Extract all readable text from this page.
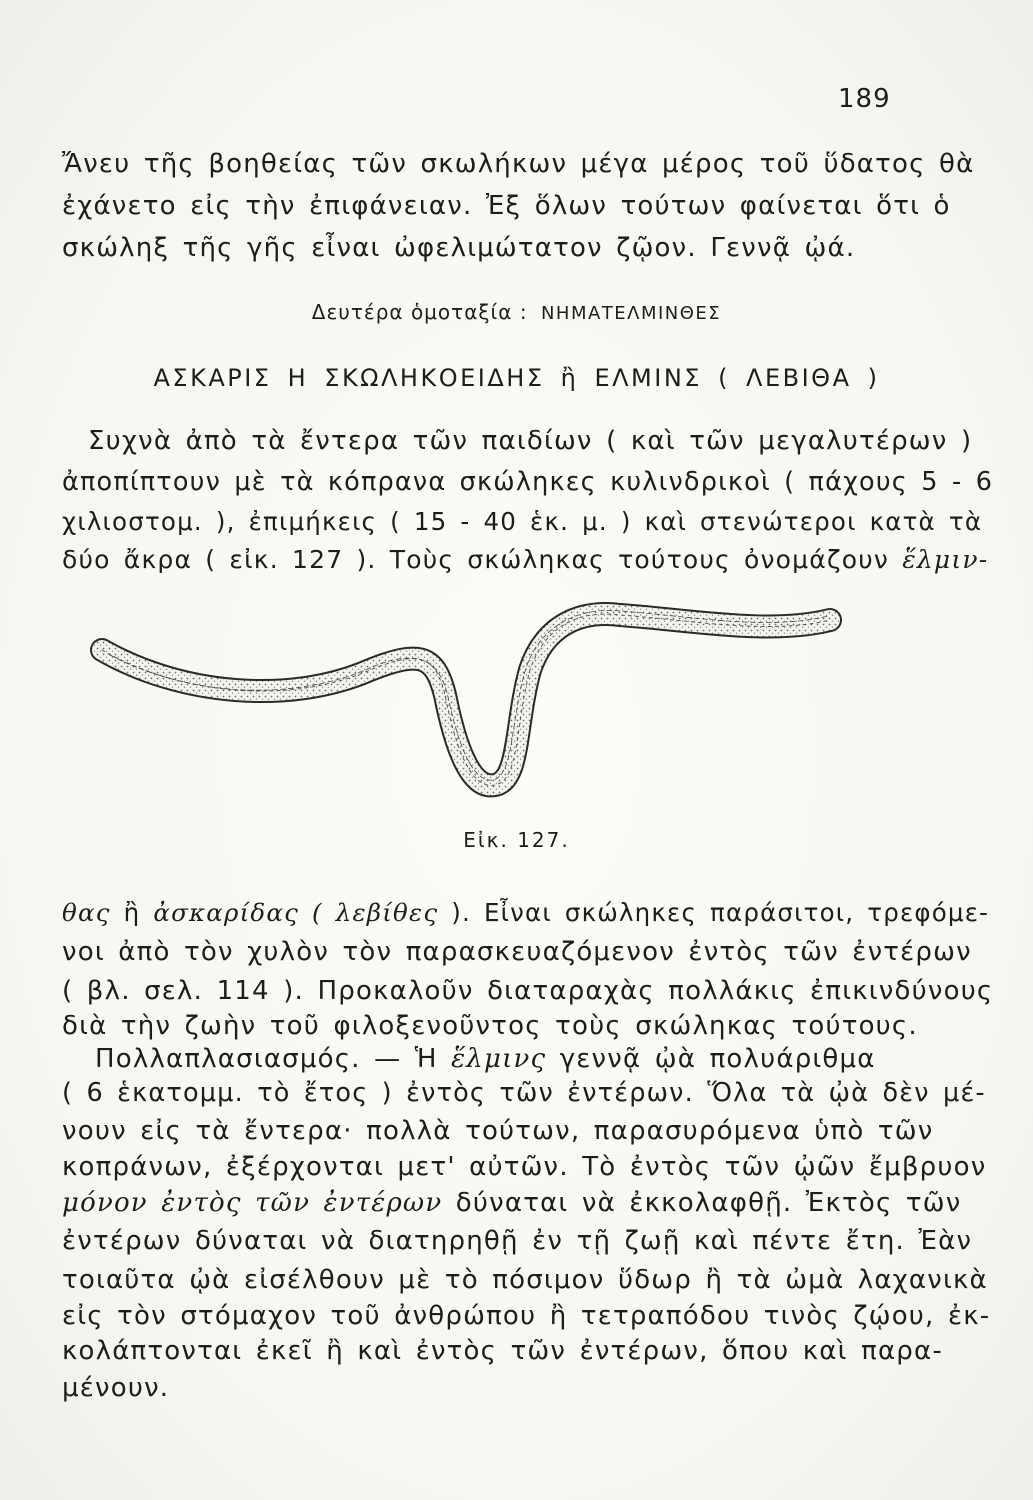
189
Ἄνευ τῆς βοηθείας τῶν σκωλήκων μέγα μέρος τοῦ ὕδατος θὰ
ἐχάνετο εἰς τὴν ἐπιφάνειαν. Ἐξ ὅλων τούτων φαίνεται ὅτι ὁ
σκώληξ τῆς γῆς εἶναι ὠφελιμώτατον ζῷον. Γεννᾷ ᾠά.
Δευτέρα ὁμοταξία : ΝΗΜΑΤΕΛΜΙΝΘΕΣ
ΑΣΚΑΡΙΣ Η ΣΚΩΛΗΚΟΕΙΔΗΣ ἢ ΕΛΜΙΝΣ ( ΛΕΒΙΘΑ )
Συχνὰ ἀπὸ τὰ ἔντερα τῶν παιδίων ( καὶ τῶν μεγαλυτέρων )
ἀποπίπτουν μὲ τὰ κόπρανα σκώληκες κυλινδρικοὶ ( πάχους 5 - 6
χιλιοστομ. ), ἐπιμήκεις ( 15 - 40 ἑκ. μ. ) καὶ στενώτεροι κατὰ τὰ
δύο ἄκρα ( εἰκ. 127 ). Τοὺς σκώληκας τούτους ὀνομάζουν ἕλμιν-
Εἰκ. 127.
θας ἢ ἀσκαρίδας ( λεβίθες ). Εἶναι σκώληκες παράσιτοι, τρεφόμε-
νοι ἀπὸ τὸν χυλὸν τὸν παρασκευαζόμενον ἐντὸς τῶν ἐντέρων
( βλ. σελ. 114 ). Προκαλοῦν διαταραχὰς πολλάκις ἐπικινδύνους
διὰ τὴν ζωὴν τοῦ φιλοξενοῦντος τοὺς σκώληκας τούτους.
Πολλαπλασιασμός. — Ἡ ἕλμινς γεννᾷ ᾠὰ πολυάριθμα
( 6 ἑκατομμ. τὸ ἔτος ) ἐντὸς τῶν ἐντέρων. Ὅλα τὰ ᾠὰ δὲν μέ-
νουν εἰς τὰ ἔντερα· πολλὰ τούτων, παρασυρόμενα ὑπὸ τῶν
κοπράνων, ἐξέρχονται μετ' αὐτῶν. Τὸ ἐντὸς τῶν ᾠῶν ἔμβρυον
μόνον ἐντὸς τῶν ἐντέρων δύναται νὰ ἐκκολαφθῇ. Ἐκτὸς τῶν
ἐντέρων δύναται νὰ διατηρηθῇ ἐν τῇ ζωῇ καὶ πέντε ἔτη. Ἐὰν
τοιαῦτα ᾠὰ εἰσέλθουν μὲ τὸ πόσιμον ὕδωρ ἢ τὰ ὠμὰ λαχανικὰ
εἰς τὸν στόμαχον τοῦ ἀνθρώπου ἢ τετραπόδου τινὸς ζῴου, ἐκ-
κολάπτονται ἐκεῖ ἢ καὶ ἐντὸς τῶν ἐντέρων, ὅπου καὶ παρα-
μένουν.
